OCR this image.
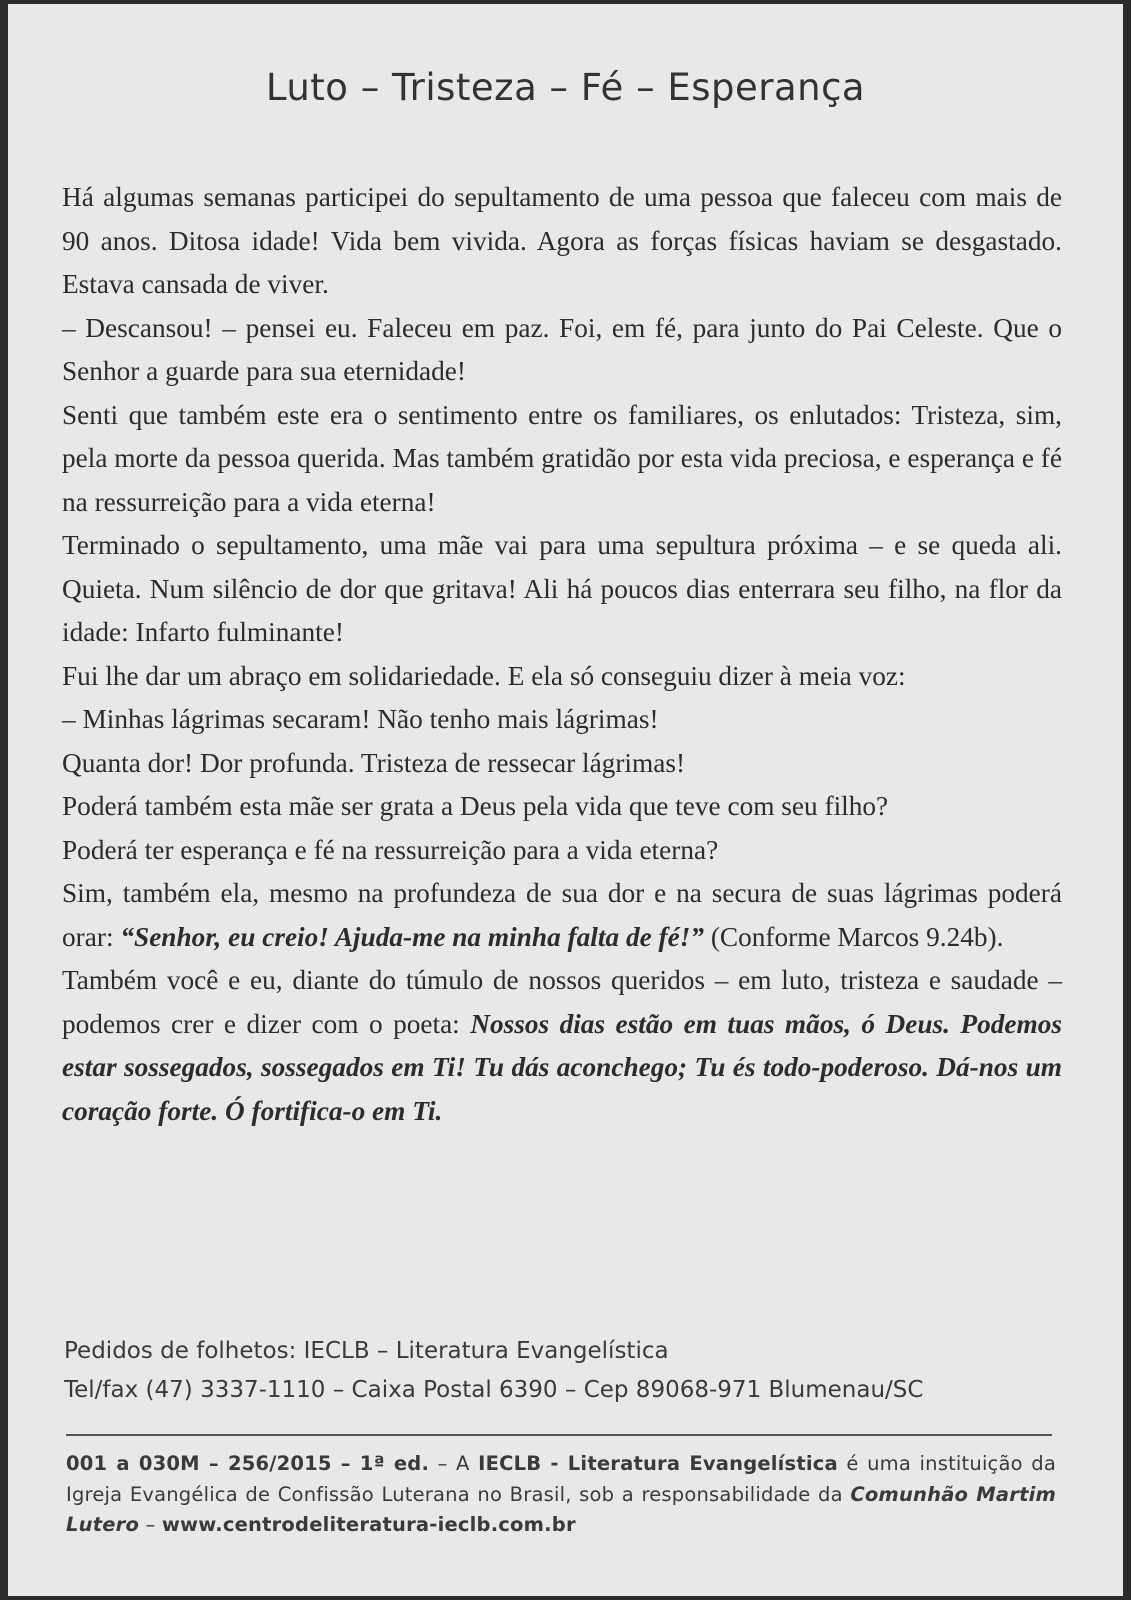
Luto – Tristeza – Fé – Esperança

Há algumas semanas participei do sepultamento de uma pessoa que faleceu com mais de 90 anos. Ditosa idade! Vida bem vivida. Agora as forças físicas haviam se desgastado. Estava cansada de viver.

– Descansou! – pensei eu. Faleceu em paz. Foi, em fé, para junto do Pai Celeste. Que o Senhor a guarde para sua eternidade!

Senti que também este era o sentimento entre os familiares, os enlutados: Tristeza, sim, pela morte da pessoa querida. Mas também gratidão por esta vida preciosa, e esperança e fé na ressurreição para a vida eterna!

Terminado o sepultamento, uma mãe vai para uma sepultura próxima – e se queda ali. Quieta. Num silêncio de dor que gritava! Ali há poucos dias enterrara seu filho, na flor da idade: Infarto fulminante!

Fui lhe dar um abraço em solidariedade. E ela só conseguiu dizer à meia voz:

– Minhas lágrimas secaram! Não tenho mais lágrimas!

Quanta dor! Dor profunda. Tristeza de ressecar lágrimas!

Poderá também esta mãe ser grata a Deus pela vida que teve com seu filho?

Poderá ter esperança e fé na ressurreição para a vida eterna?

Sim, também ela, mesmo na profundeza de sua dor e na secura de suas lágrimas poderá orar: “Senhor, eu creio! Ajuda-me na minha falta de fé!” (Conforme Marcos 9.24b).

Também você e eu, diante do túmulo de nossos queridos – em luto, tristeza e saudade – podemos crer e dizer com o poeta: Nossos dias estão em tuas mãos, ó Deus. Podemos estar sossegados, sossegados em Ti! Tu dás aconchego; Tu és todo-poderoso. Dá-nos um coração forte. Ó fortifica-o em Ti.

Pedidos de folhetos: IECLB – Literatura Evangelística
Tel/fax (47) 3337-1110 – Caixa Postal 6390 – Cep 89068-971 Blumenau/SC
001 a 030M – 256/2015 – 1ª ed. – A IECLB - Literatura Evangelística é uma instituição da Igreja Evangélica de Confissão Luterana no Brasil, sob a responsabilidade da Comunhão Martim Lutero – www.centrodeliteratura-ieclb.com.br
